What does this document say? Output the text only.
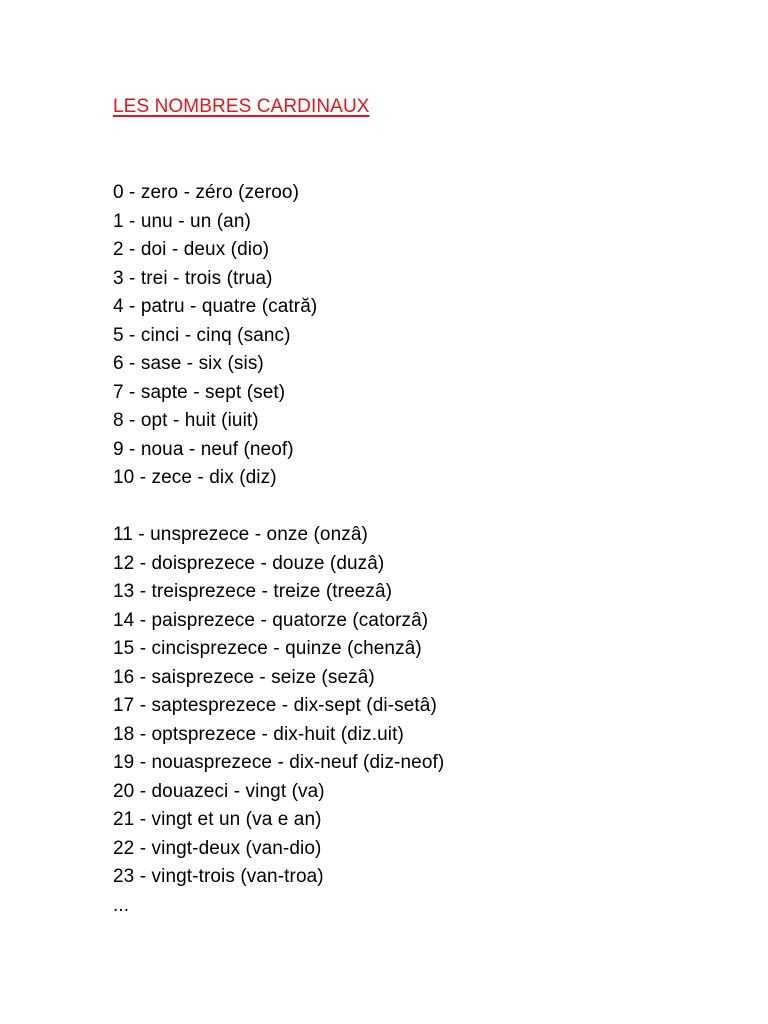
LES NOMBRES CARDINAUX
0 - zero - zéro (zeroo)
1 - unu - un (an)
2 - doi - deux (dio)
3 - trei - trois (trua)
4 - patru - quatre (catră)
5 - cinci - cinq (sanc)
6 - sase - six (sis)
7 - sapte - sept (set)
8 - opt - huit (iuit)
9 - noua - neuf (neof)
10 - zece - dix (diz)
11 - unsprezece - onze (onzâ)
12 - doisprezece - douze (duzâ)
13 - treisprezece - treize (treezâ)
14 - paisprezece - quatorze (catorzâ)
15 - cincisprezece - quinze (chenzâ)
16 - saisprezece - seize (sezâ)
17 - saptesprezece - dix-sept (di-setâ)
18 - optsprezece - dix-huit (diz.uit)
19 - nouasprezece - dix-neuf (diz-neof)
20 - douazeci - vingt (va)
21 - vingt et un (va e an)
22 - vingt-deux (van-dio)
23 - vingt-trois (van-troa)
...
